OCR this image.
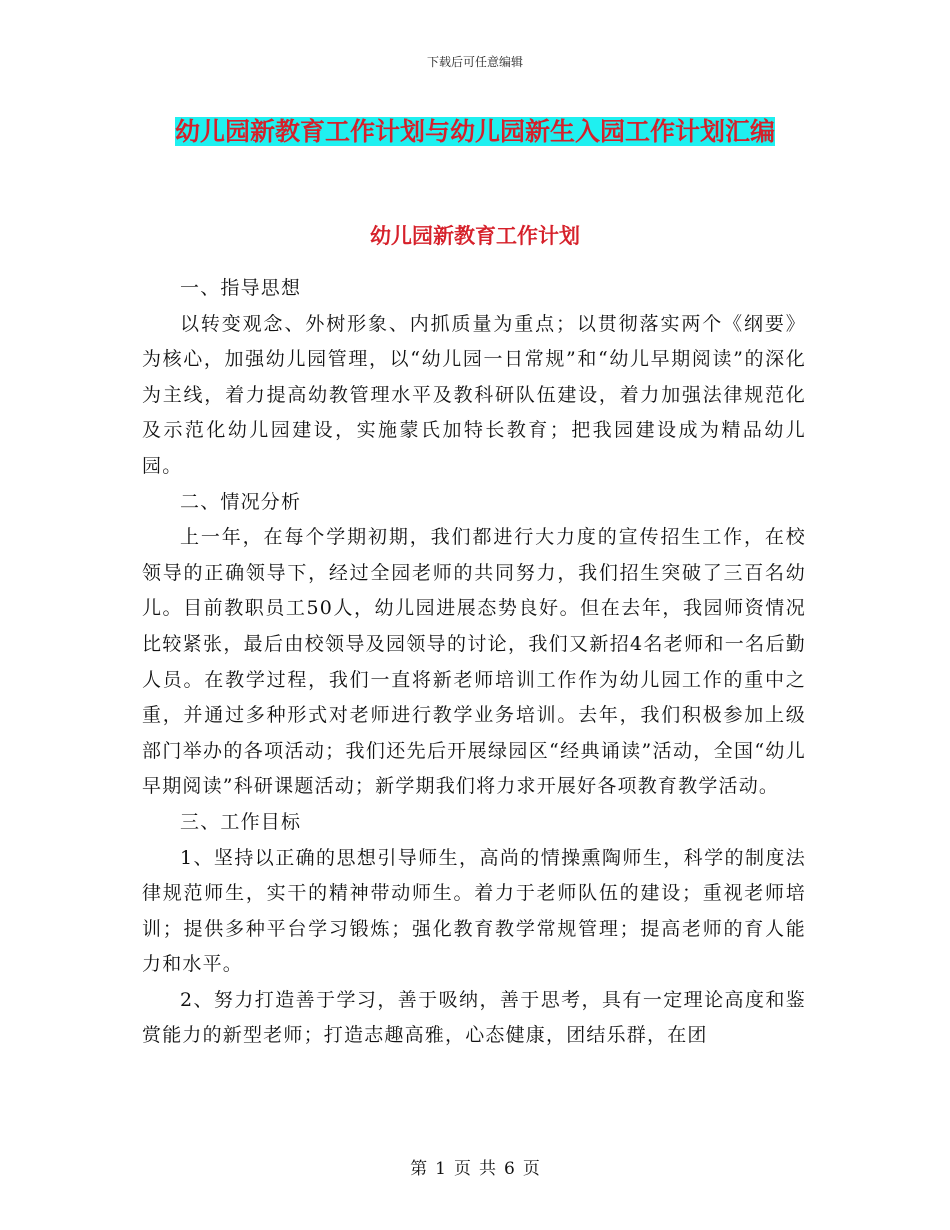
下载后可任意编辑
幼儿园新教育工作计划与幼儿园新生入园工作计划汇编
幼儿园新教育工作计划

一、指导思想

以转变观念、外树形象、内抓质量为重点；以贯彻落实两个《纲要》为核心，加强幼儿园管理，以“幼儿园一日常规”和“幼儿早期阅读”的深化为主线，着力提高幼教管理水平及教科研队伍建设，着力加强法律规范化及示范化幼儿园建设，实施蒙氏加特长教育；把我园建设成为精品幼儿园。

二、情况分析

上一年，在每个学期初期，我们都进行大力度的宣传招生工作，在校领导的正确领导下，经过全园老师的共同努力，我们招生突破了三百名幼儿。目前教职员工50人，幼儿园进展态势良好。但在去年，我园师资情况比较紧张，最后由校领导及园领导的讨论，我们又新招4名老师和一名后勤人员。在教学过程，我们一直将新老师培训工作作为幼儿园工作的重中之重，并通过多种形式对老师进行教学业务培训。去年，我们积极参加上级部门举办的各项活动；我们还先后开展绿园区“经典诵读”活动，全国“幼儿早期阅读”科研课题活动；新学期我们将力求开展好各项教育教学活动。

三、工作目标

1、坚持以正确的思想引导师生，高尚的情操熏陶师生，科学的制度法律规范师生，实干的精神带动师生。着力于老师队伍的建设；重视老师培训；提供多种平台学习锻炼；强化教育教学常规管理；提高老师的育人能力和水平。

2、努力打造善于学习，善于吸纳，善于思考，具有一定理论高度和鉴赏能力的新型老师；打造志趣高雅，心态健康，团结乐群，在团

第 1 页 共 6 页
